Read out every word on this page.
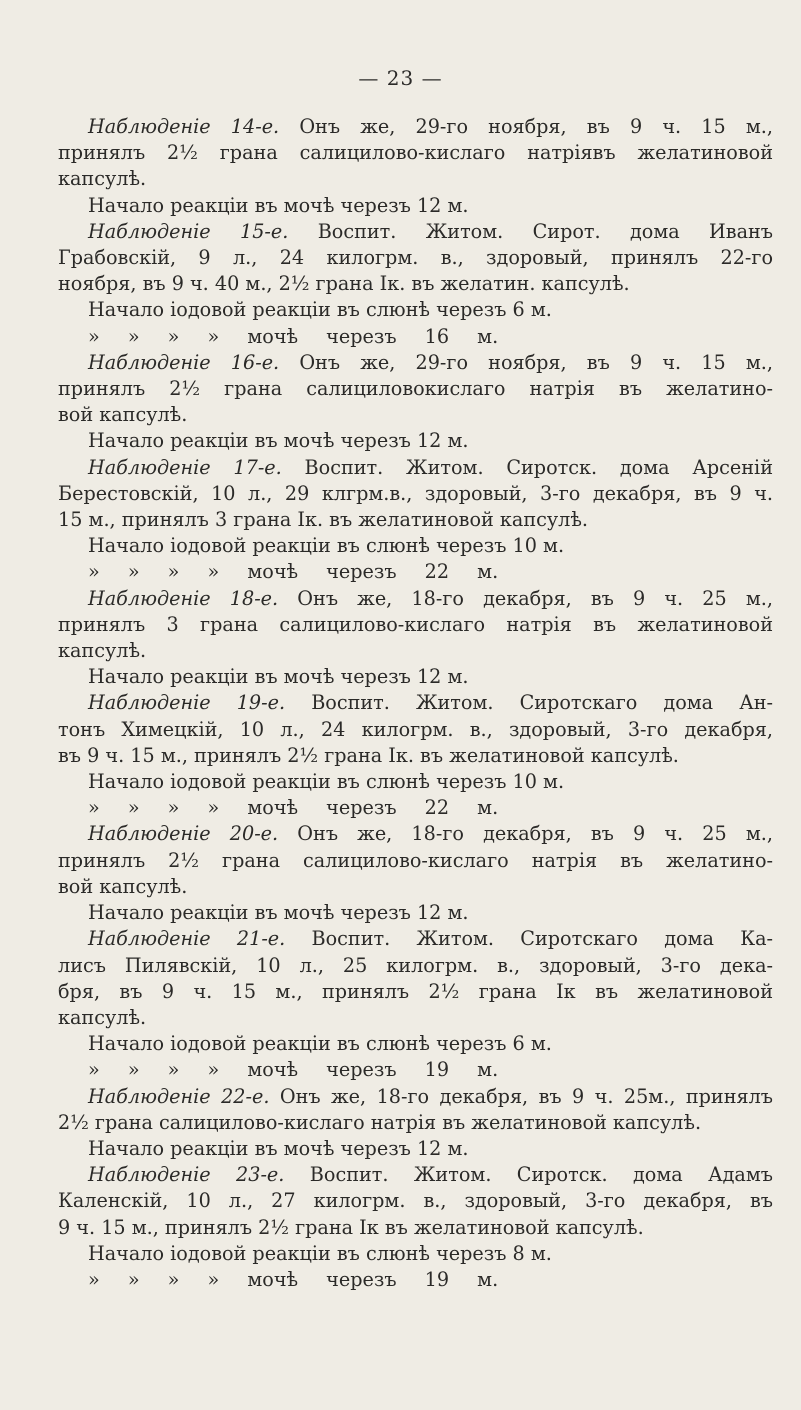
— 23 —
Наблюденіе 14-е. Онъ же, 29-го ноября, въ 9 ч. 15 м.,
принялъ 2½ грана салицилово-кислаго натріявъ желатиновой
капсулѣ.
Начало реакціи въ мочѣ черезъ 12 м.
Наблюденіе 15-е. Воспит. Житом. Сирот. дома Иванъ
Грабовскій, 9 л., 24 килогрм. в., здоровый, принялъ 22-го
ноября, въ 9 ч. 40 м., 2½ грана Ік. въ желатин. капсулѣ.
Начало іодовой реакціи въ слюнѣ черезъ 6 м.
» » » » мочѣ черезъ 16 м.
Наблюденіе 16-е. Онъ же, 29-го ноября, въ 9 ч. 15 м.,
принялъ 2½ грана салициловокислаго натрія въ желатино-
вой капсулѣ.
Начало реакціи въ мочѣ черезъ 12 м.
Наблюденіе 17-е. Воспит. Житом. Сиротск. дома Арсеній
Берестовскій, 10 л., 29 клгрм.в., здоровый, 3-го декабря, въ 9 ч.
15 м., принялъ 3 грана Ік. въ желатиновой капсулѣ.
Начало іодовой реакціи въ слюнѣ черезъ 10 м.
» » » » мочѣ черезъ 22 м.
Наблюденіе 18-е. Онъ же, 18-го декабря, въ 9 ч. 25 м.,
принялъ 3 грана салицилово-кислаго натрія въ желатиновой
капсулѣ.
Начало реакціи въ мочѣ черезъ 12 м.
Наблюденіе 19-е. Воспит. Житом. Сиротскаго дома Ан-
тонъ Химецкій, 10 л., 24 килогрм. в., здоровый, 3-го декабря,
въ 9 ч. 15 м., принялъ 2½ грана Ік. въ желатиновой капсулѣ.
Начало іодовой реакціи въ слюнѣ черезъ 10 м.
» » » » мочѣ черезъ 22 м.
Наблюденіе 20-е. Онъ же, 18-го декабря, въ 9 ч. 25 м.,
принялъ 2½ грана салицилово-кислаго натрія въ желатино-
вой капсулѣ.
Начало реакціи въ мочѣ черезъ 12 м.
Наблюденіе 21-е. Воспит. Житом. Сиротскаго дома Ка-
лисъ Пилявскій, 10 л., 25 килогрм. в., здоровый, 3-го дека-
бря, въ 9 ч. 15 м., принялъ 2½ грана Ік въ желатиновой
капсулѣ.
Начало іодовой реакціи въ слюнѣ черезъ 6 м.
» » » » мочѣ черезъ 19 м.
Наблюденіе 22-е. Онъ же, 18-го декабря, въ 9 ч. 25м., принялъ
2½ грана салицилово-кислаго натрія въ желатиновой капсулѣ.
Начало реакціи въ мочѣ черезъ 12 м.
Наблюденіе 23-е. Воспит. Житом. Сиротск. дома Адамъ
Каленскій, 10 л., 27 килогрм. в., здоровый, 3-го декабря, въ
9 ч. 15 м., принялъ 2½ грана Ік въ желатиновой капсулѣ.
Начало іодовой реакціи въ слюнѣ черезъ 8 м.
» » » » мочѣ черезъ 19 м.
